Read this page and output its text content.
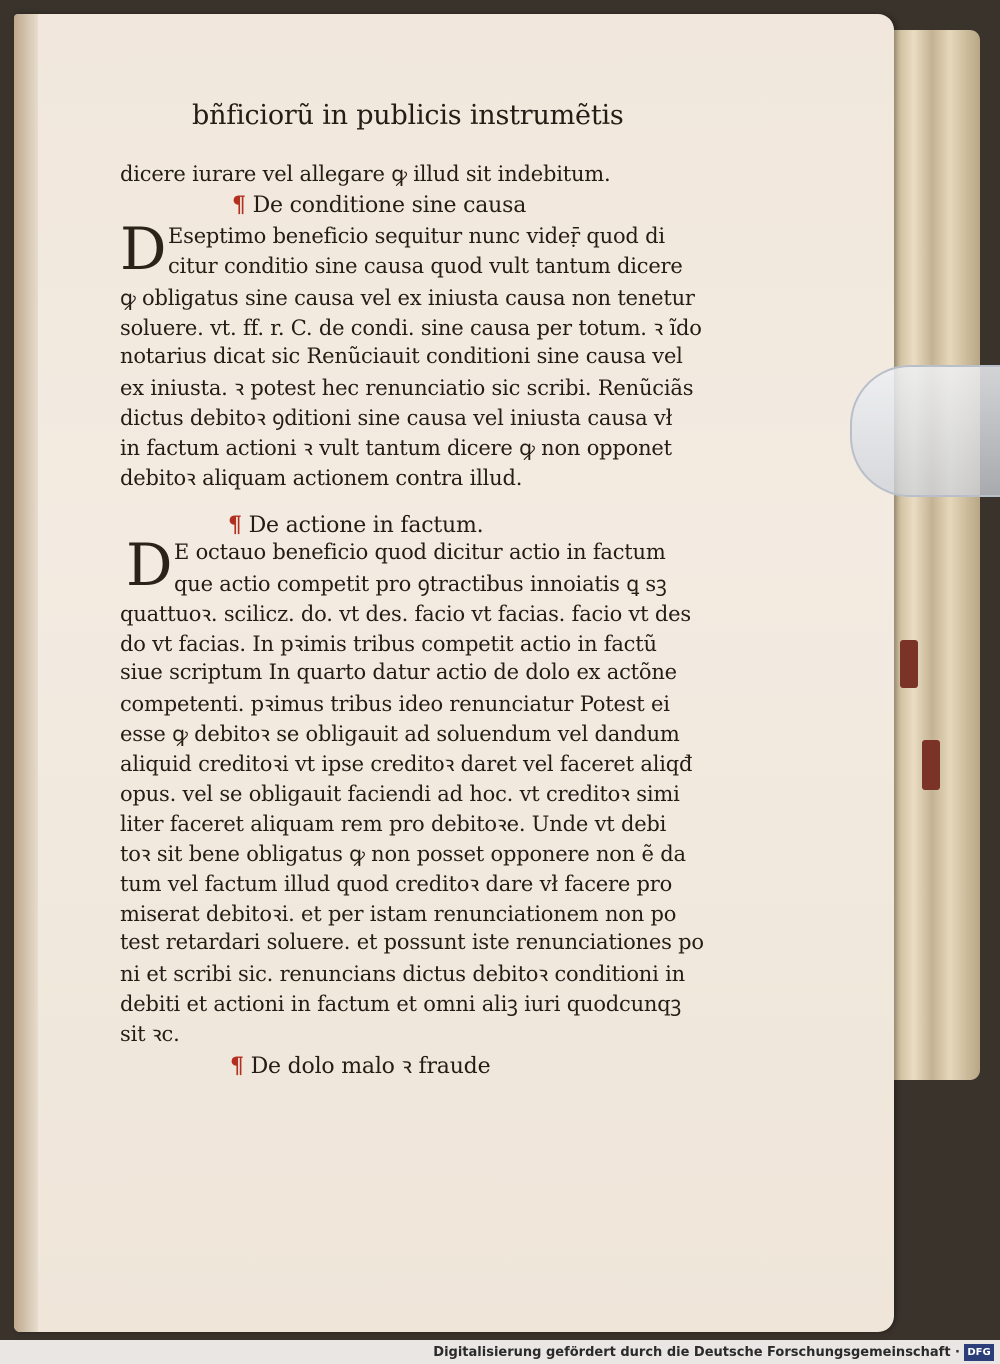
bñficiorũ in publicis instrumẽtis
dicere iurare vel allegare ꝙ illud sit indebitum.
¶ De conditione sine causa
D Eseptimo beneficio sequitur nunc videṝ quod di
citur conditio sine causa quod vult tantum dicere
ꝙ obligatus sine causa vel ex iniusta causa non tenetur
soluere. vt. ff. r. C. de condi. sine causa per totum. ꝛ ĩdo
notarius dicat sic Renũciauit conditioni sine causa vel
ex iniusta. ꝛ potest hec renunciatio sic scribi. Renũciãs
dictus debitoꝛ ꝯditioni sine causa vel iniusta causa vł
in factum actioni ꝛ vult tantum dicere ꝙ non opponet
debitoꝛ aliquam actionem contra illud.
¶ De actione in factum.
D E octauo beneficio quod dicitur actio in factum
que actio competit pro ꝯtractibus innoiatis ꝗ sꝫ
quattuoꝛ. scilicz. do. vt des. facio vt facias. facio vt des
do vt facias. In pꝛimis tribus competit actio in factũ
siue scriptum In quarto datur actio de dolo ex actõne
competenti. pꝛimus tribus ideo renunciatur Potest ei
esse ꝙ debitoꝛ se obligauit ad soluendum vel dandum
aliquid creditoꝛi vt ipse creditoꝛ daret vel faceret aliqđ
opus. vel se obligauit faciendi ad hoc. vt creditoꝛ simi
liter faceret aliquam rem pro debitoꝛe. Unde vt debi
toꝛ sit bene obligatus ꝙ non posset opponere non ẽ da
tum vel factum illud quod creditoꝛ dare vł facere pro
miserat debitoꝛi. et per istam renunciationem non po
test retardari soluere. et possunt iste renunciationes po
ni et scribi sic. renuncians dictus debitoꝛ conditioni in
debiti et actioni in factum et omni aliꝫ iuri quodcunqꝫ
sit ꝛc.
¶ De dolo malo ꝛ fraude
Digitalisierung gefördert durch die Deutsche Forschungsgemeinschaft · DFG
